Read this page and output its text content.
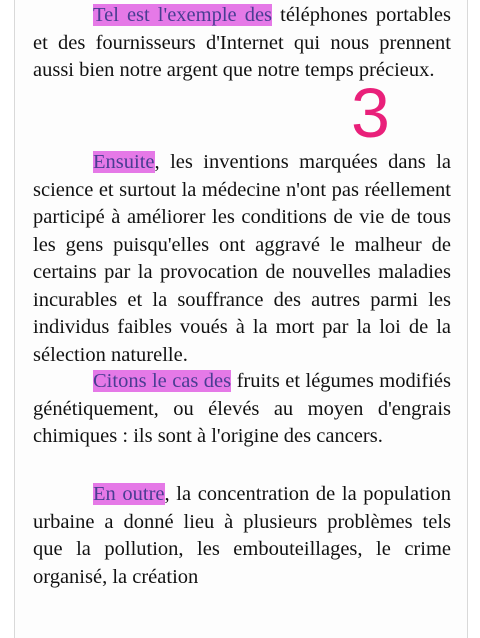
Tel est l'exemple des téléphones portables et des fournisseurs d'Internet qui nous prennent aussi bien notre argent que notre temps précieux.

3

Ensuite, les inventions marquées dans la science et surtout la médecine n'ont pas réellement participé à améliorer les conditions de vie de tous les gens puisqu'elles ont aggravé le malheur de certains par la provocation de nouvelles maladies incurables et la souffrance des autres parmi les individus faibles voués à la mort par la loi de la sélection naturelle.

Citons le cas des fruits et légumes modifiés génétiquement, ou élevés au moyen d'engrais chimiques : ils sont à l'origine des cancers.

En outre, la concentration de la population urbaine a donné lieu à plusieurs problèmes tels que la pollution, les embouteillages, le crime organisé, la création
